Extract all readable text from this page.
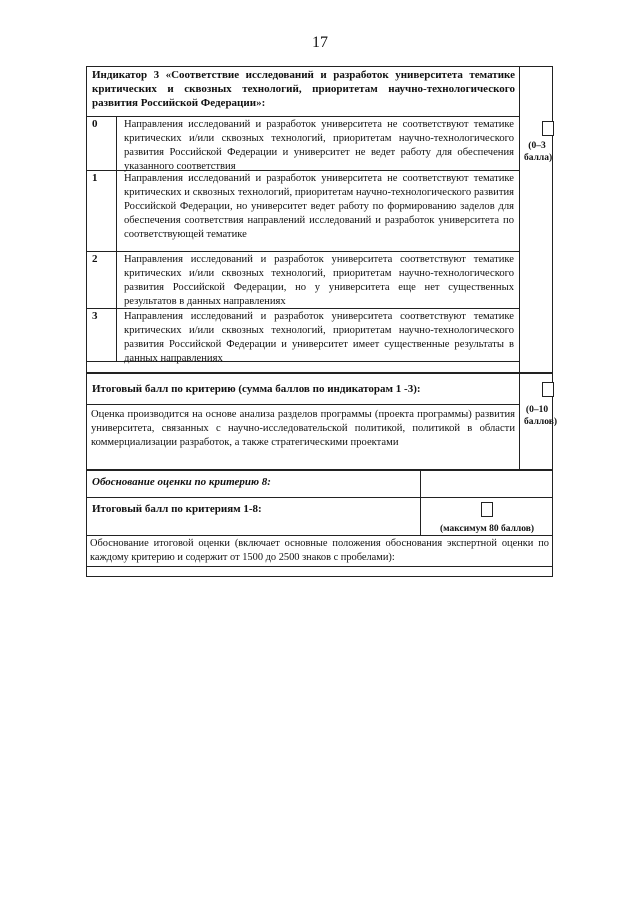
17
Индикатор 3 «Соответствие исследований и разработок университета тематике критических и сквозных технологий, приоритетам научно-технологического развития Российской Федерации»:
0	Направления исследований и разработок университета не соответствуют тематике критических и/или сквозных технологий, приоритетам научно-технологического развития Российской Федерации и университет не ведет работу для обеспечения указанного соответствия
1	Направления исследований и разработок университета не соответствуют тематике критических и сквозных технологий, приоритетам научно-технологического развития Российской Федерации, но университет ведет работу по формированию заделов для обеспечения соответствия направлений исследований и разработок университета по соответствующей тематике
2	Направления исследований и разработок университета соответствуют тематике критических и/или сквозных технологий, приоритетам научно-технологического развития Российской Федерации, но у университета еще нет существенных результатов в данных направлениях
3	Направления исследований и разработок университета соответствуют тематике критических и/или сквозных технологий, приоритетам научно-технологического развития Российской Федерации и университет имеет существенные результаты в данных направлениях
(0–3 балла)
Итоговый балл по критерию (сумма баллов по индикаторам 1 -3):
Оценка производится на основе анализа разделов программы (проекта программы) развития университета, связанных с научно-исследовательской политикой, политикой в области коммерциализации разработок, а также стратегическими проектами
(0–10 баллов)
Обоснование оценки по критерию 8:
Итоговый балл по критериям 1-8:
(максимум 80 баллов)
Обоснование итоговой оценки (включает основные положения обоснования экспертной оценки по каждому критерию и содержит от 1500 до 2500 знаков с пробелами):
